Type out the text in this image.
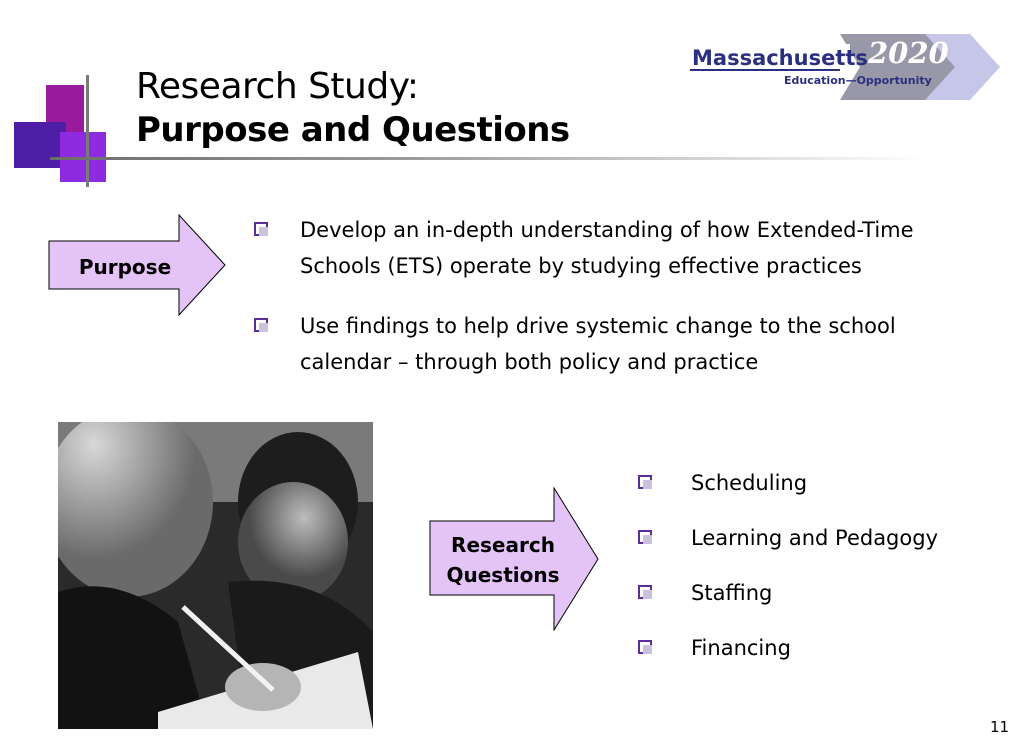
Research Study:
Purpose and Questions
Massachusetts 2020
Education—Opportunity
Purpose
Develop an in-depth understanding of how Extended-Time
Schools (ETS) operate by studying effective practices
Use findings to help drive systemic change to the school
calendar – through both policy and practice
Research
Questions
Scheduling
Learning and Pedagogy
Staffing
Financing
11
